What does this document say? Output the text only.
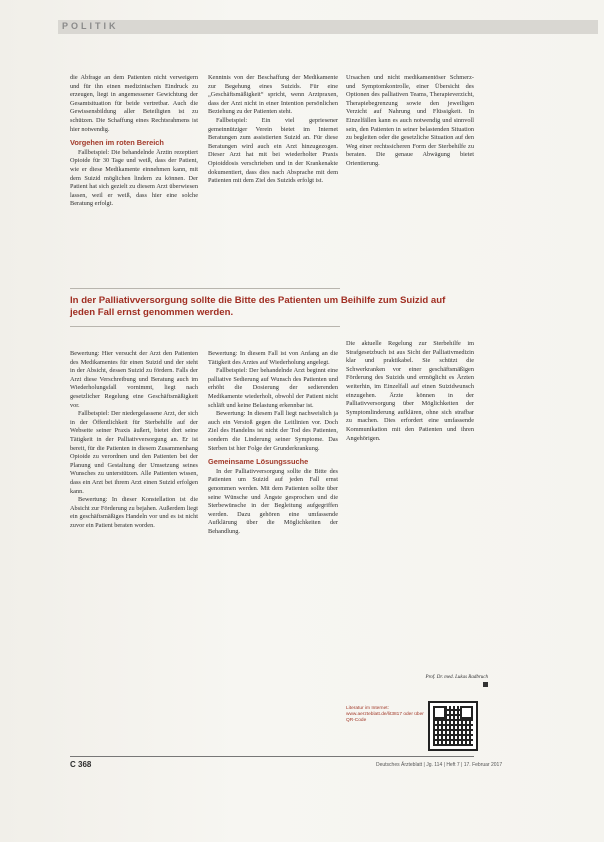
POLITIK

die Abfrage an dem Patienten nicht verweigern und für ihn einen medizinischen Eindruck zu erzeugen, liegt in angemessener Gewichtung der Gesamtsituation für beide vertretbar. Auch die Gewissensbildung aller Beteiligten ist zu schützen. Die Schaffung eines Rechtsrahmens ist hier notwendig.

Vorgehen im roten Bereich

Fallbeispiel: Die behandelnde Ärztin rezeptiert Opioide für 30 Tage und weiß, dass der Patient, wie er diese Medikamente einnehmen kann, mit dem Suizid möglichen lindern zu können. Der Patient hat sich gezielt zu diesem Arzt überwiesen lassen, weil er weiß, dass hier eine solche Beratung erfolgt.

Kenntnis von der Beschaffung der Medikamente zur Begehung eines Suizids. Für eine „Geschäftsmäßigkeit“ spricht, wenn Arztpraxen, dass der Arzt nicht in einer Intention persönlichen Beziehung zu der Patienten steht.

Fallbeispiel: Ein viel gepriesener gemeinnütziger Verein bietet im Internet Beratungen zum assistierten Suizid an. Für diese Beratungen wird auch ein Arzt hinzugezogen. Dieser Arzt hat mit bei wiederholter Praxis Opioiddosis verschrieben und in der Krankenakte dokumentiert, dass dies nach Absprache mit dem Patienten mit dem Ziel des Suizids erfolgt ist.

Ursachen und nicht medikamentöser Schmerz- und Symptomkontrolle, einer Übersicht des Optionen des palliativen Teams, Therapieverzicht, Therapiebegrenzung sowie den jeweiligen Verzicht auf Nahrung und Flüssigkeit. In Einzelfällen kann es auch notwendig und sinnvoll sein, den Patienten in seiner belastenden Situation zu begleiten oder die gesetzliche Situation auf den Weg einer rechtssicheren Form der Sterbehilfe zu beraten. Die genaue Abwägung bietet Orientierung.

In der Palliativversorgung sollte die Bitte des Patienten um Beihilfe zum Suizid auf jeden Fall ernst genommen werden.

Bewertung: Hier versucht der Arzt den Patienten des Medikamentes für einen Suizid und der steht in der Absicht, dessen Suizid zu fördern. Falls der Arzt diese Verschreibung und Beratung auch im Wiederholungsfall vornimmt, liegt nach gesetzlicher Regelung eine Geschäftsmäßigkeit vor.

Fallbeispiel: Der niedergelassene Arzt, der sich in der Öffentlichkeit für Sterbehilfe auf der Webseite seiner Praxis äußert, bietet dort seine Tätigkeit in der Palliativversorgung an. Er ist bereit, für die Patienten in diesem Zusammenhang Opioide zu verordnen und den Patienten bei der Planung und Gestaltung der Umsetzung seines Wunsches zu unterstützen. Alle Patienten wissen, dass ein Arzt bei ihrem Arzt einen Suizid erfolgen kann.

Bewertung: In dieser Konstellation ist die Absicht zur Förderung zu bejahen. Außerdem liegt ein geschäftsmäßiges Handeln vor und es ist nicht zuvor ein Patient beraten worden.

Bewertung: In diesem Fall ist von Anfang an die Tätigkeit des Arztes auf Wiederholung angelegt.

Fallbeispiel: Der behandelnde Arzt beginnt eine palliative Sedierung auf Wunsch des Patienten und erhöht die Dosierung der sedierenden Medikamente wiederholt, obwohl der Patient nicht schläft und keine Belastung erkennbar ist.

Bewertung: In diesem Fall liegt nachweislich ja auch ein Verstoß gegen die Leitlinien vor. Doch Ziel des Handelns ist nicht der Tod des Patienten, sondern die Linderung seiner Symptome. Das Sterben ist hier Folge der Grunderkrankung.

Gemeinsame Lösungssuche

In der Palliativversorgung sollte die Bitte des Patienten um Suizid auf jeden Fall ernst genommen werden. Mit dem Patienten sollte über seine Wünsche und Ängste gesprochen und die Sterbewünsche in der Begleitung aufgegriffen werden. Dazu gehören eine umfassende Aufklärung über die Möglichkeiten der Behandlung.

Die aktuelle Regelung zur Sterbehilfe im Strafgesetzbuch ist aus Sicht der Palliativmedizin klar und praktikabel. Sie schützt die Schwerkranken vor einer geschäftsmäßigen Förderung des Suizids und ermöglicht es Ärzten weiterhin, im Einzelfall auf einen Suizidwunsch einzugehen. Ärzte können in der Palliativversorgung über Möglichkeiten der Symptomlinderung aufklären, ohne sich strafbar zu machen. Dies erfordert eine umfassende Kommunikation mit den Patienten und ihren Angehörigen.

Prof. Dr. med. Lukas Radbruch
Literatur im Internet: www.aerzteblatt.de/lit3817 oder über QR-Code
C 368	Deutsches Ärzteblatt | Jg. 114 | Heft 7 | 17. Februar 2017
